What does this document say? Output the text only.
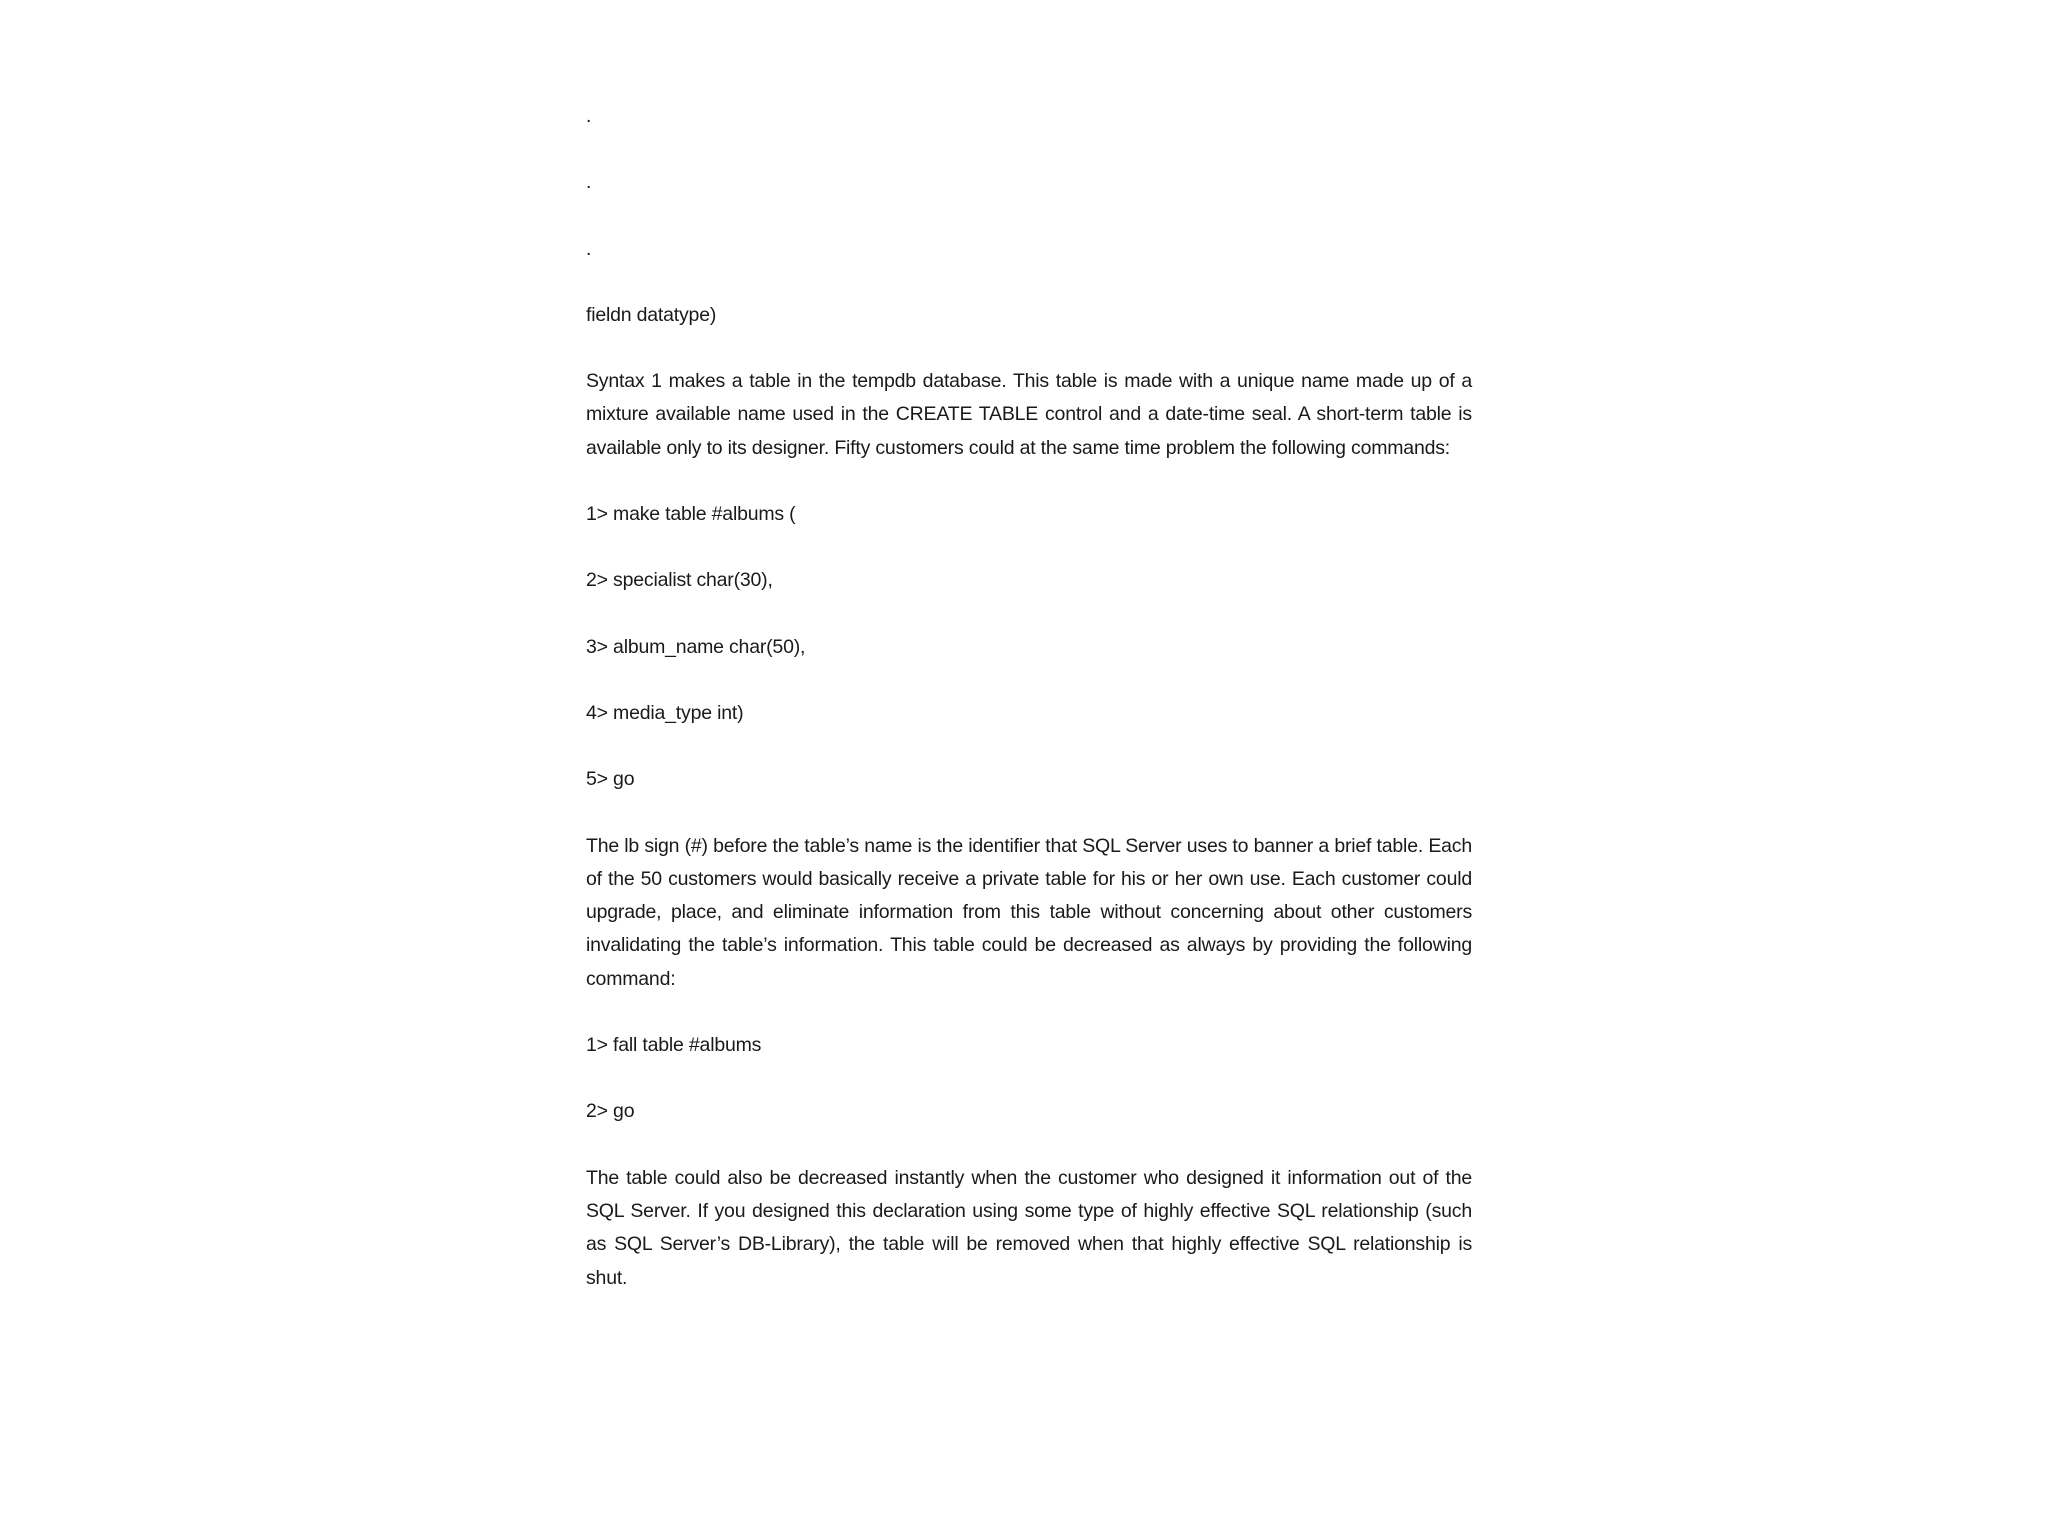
.

.

.

fieldn datatype)

Syntax 1 makes a table in the tempdb database. This table is made with a unique name made up of a mixture available name used in the CREATE TABLE control and a date-time seal. A short-term table is available only to its designer. Fifty customers could at the same time problem the following commands:

1> make table #albums (

2> specialist char(30),

3> album_name char(50),

4> media_type int)

5> go

The lb sign (#) before the table’s name is the identifier that SQL Server uses to banner a brief table. Each of the 50 customers would basically receive a private table for his or her own use. Each customer could upgrade, place, and eliminate information from this table without concerning about other customers invalidating the table’s information. This table could be decreased as always by providing the following command:

1> fall table #albums

2> go

The table could also be decreased instantly when the customer who designed it information out of the SQL Server. If you designed this declaration using some type of highly effective SQL relationship (such as SQL Server’s DB-Library), the table will be removed when that highly effective SQL relationship is shut.
